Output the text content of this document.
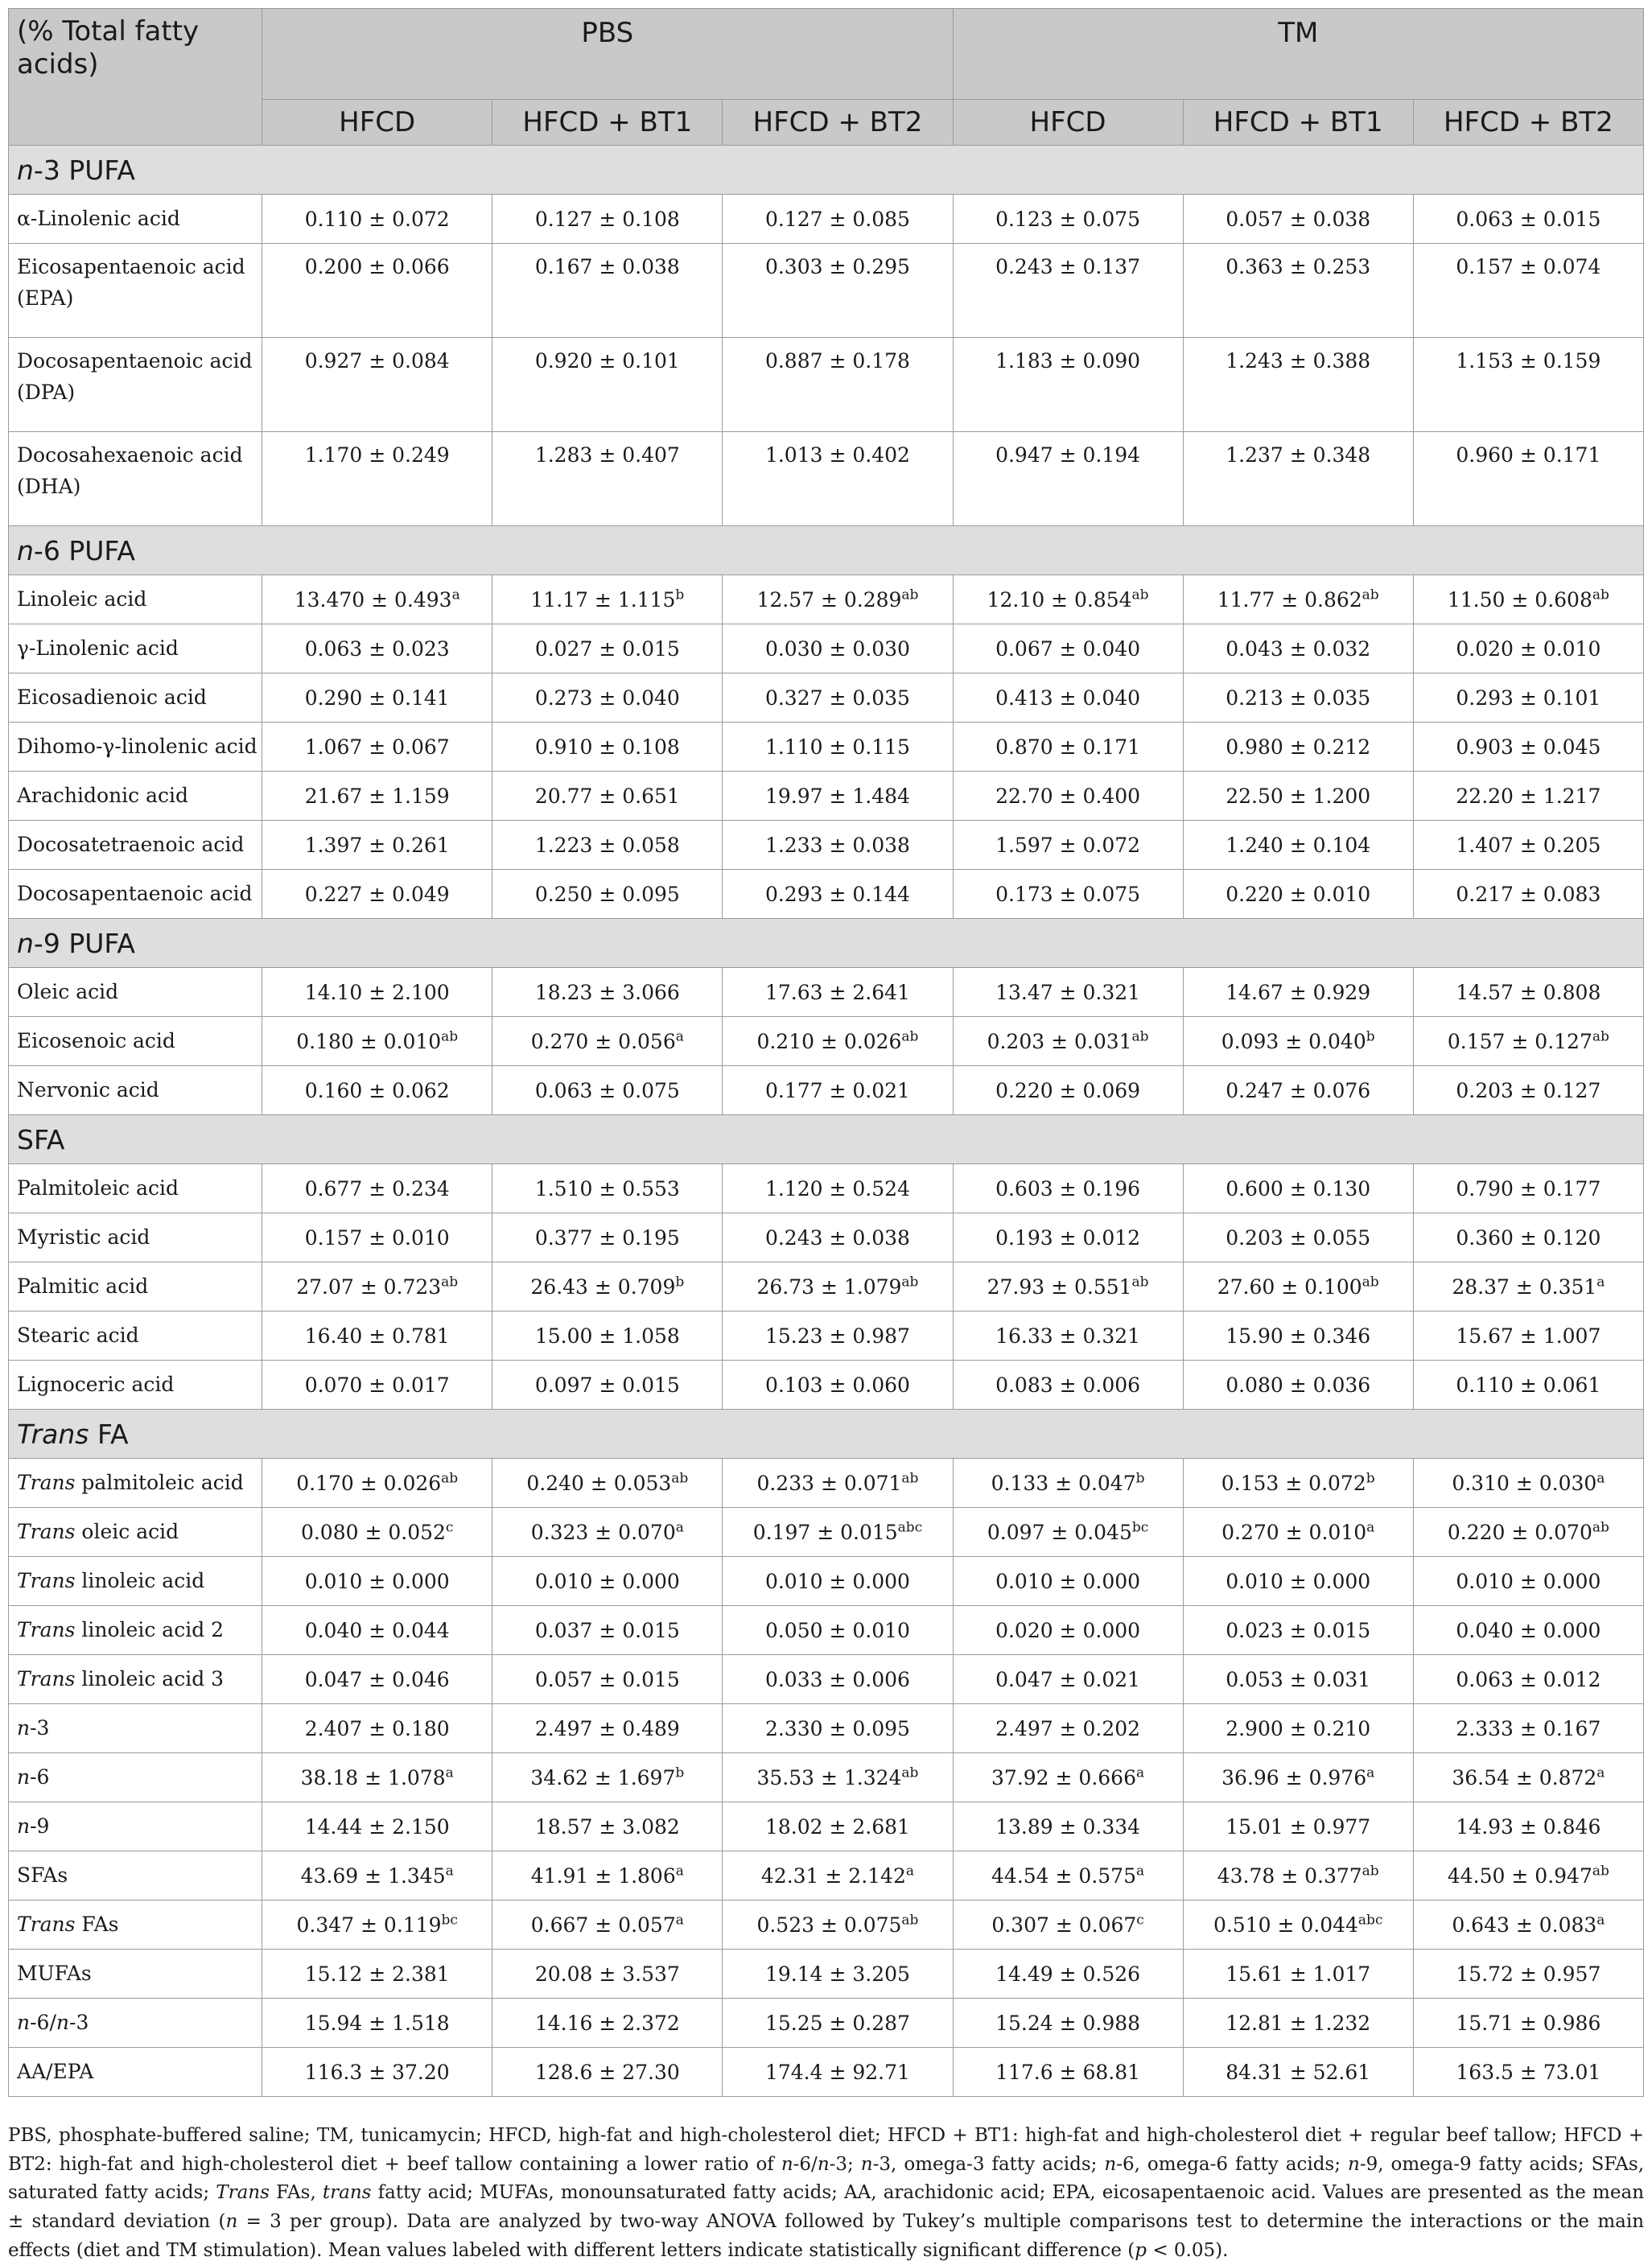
(% Total fatty acids)	PBS			TM		
	HFCD	HFCD + BT1	HFCD + BT2	HFCD	HFCD + BT1	HFCD + BT2
n-3 PUFA						
α-Linolenic acid	0.110 ± 0.072	0.127 ± 0.108	0.127 ± 0.085	0.123 ± 0.075	0.057 ± 0.038	0.063 ± 0.015
Eicosapentaenoic acid (EPA)	0.200 ± 0.066	0.167 ± 0.038	0.303 ± 0.295	0.243 ± 0.137	0.363 ± 0.253	0.157 ± 0.074
Docosapentaenoic acid (DPA)	0.927 ± 0.084	0.920 ± 0.101	0.887 ± 0.178	1.183 ± 0.090	1.243 ± 0.388	1.153 ± 0.159
Docosahexaenoic acid (DHA)	1.170 ± 0.249	1.283 ± 0.407	1.013 ± 0.402	0.947 ± 0.194	1.237 ± 0.348	0.960 ± 0.171
n-6 PUFA						
Linoleic acid	13.470 ± 0.493$^a$	11.17 ± 1.115$^b$	12.57 ± 0.289$^{ab}$	12.10 ± 0.854$^{ab}$	11.77 ± 0.862$^{ab}$	11.50 ± 0.608$^{ab}$
γ-Linolenic acid	0.063 ± 0.023	0.027 ± 0.015	0.030 ± 0.030	0.067 ± 0.040	0.043 ± 0.032	0.020 ± 0.010
Eicosadienoic acid	0.290 ± 0.141	0.273 ± 0.040	0.327 ± 0.035	0.413 ± 0.040	0.213 ± 0.035	0.293 ± 0.101
Dihomo-γ-linolenic acid	1.067 ± 0.067	0.910 ± 0.108	1.110 ± 0.115	0.870 ± 0.171	0.980 ± 0.212	0.903 ± 0.045
Arachidonic acid	21.67 ± 1.159	20.77 ± 0.651	19.97 ± 1.484	22.70 ± 0.400	22.50 ± 1.200	22.20 ± 1.217
Docosatetraenoic acid	1.397 ± 0.261	1.223 ± 0.058	1.233 ± 0.038	1.597 ± 0.072	1.240 ± 0.104	1.407 ± 0.205
Docosapentaenoic acid	0.227 ± 0.049	0.250 ± 0.095	0.293 ± 0.144	0.173 ± 0.075	0.220 ± 0.010	0.217 ± 0.083
n-9 PUFA						
Oleic acid	14.10 ± 2.100	18.23 ± 3.066	17.63 ± 2.641	13.47 ± 0.321	14.67 ± 0.929	14.57 ± 0.808
Eicosenoic acid	0.180 ± 0.010$^{ab}$	0.270 ± 0.056$^a$	0.210 ± 0.026$^{ab}$	0.203 ± 0.031$^{ab}$	0.093 ± 0.040$^b$	0.157 ± 0.127$^{ab}$
Nervonic acid	0.160 ± 0.062	0.063 ± 0.075	0.177 ± 0.021	0.220 ± 0.069	0.247 ± 0.076	0.203 ± 0.127
SFA						
Palmitoleic acid	0.677 ± 0.234	1.510 ± 0.553	1.120 ± 0.524	0.603 ± 0.196	0.600 ± 0.130	0.790 ± 0.177
Myristic acid	0.157 ± 0.010	0.377 ± 0.195	0.243 ± 0.038	0.193 ± 0.012	0.203 ± 0.055	0.360 ± 0.120
Palmitic acid	27.07 ± 0.723$^{ab}$	26.43 ± 0.709$^b$	26.73 ± 1.079$^{ab}$	27.93 ± 0.551$^{ab}$	27.60 ± 0.100$^{ab}$	28.37 ± 0.351$^a$
Stearic acid	16.40 ± 0.781	15.00 ± 1.058	15.23 ± 0.987	16.33 ± 0.321	15.90 ± 0.346	15.67 ± 1.007
Lignoceric acid	0.070 ± 0.017	0.097 ± 0.015	0.103 ± 0.060	0.083 ± 0.006	0.080 ± 0.036	0.110 ± 0.061
Trans FA						
Trans palmitoleic acid	0.170 ± 0.026$^{ab}$	0.240 ± 0.053$^{ab}$	0.233 ± 0.071$^{ab}$	0.133 ± 0.047$^b$	0.153 ± 0.072$^b$	0.310 ± 0.030$^a$
Trans oleic acid	0.080 ± 0.052$^c$	0.323 ± 0.070$^a$	0.197 ± 0.015$^{abc}$	0.097 ± 0.045$^{bc}$	0.270 ± 0.010$^a$	0.220 ± 0.070$^{ab}$
Trans linoleic acid	0.010 ± 0.000	0.010 ± 0.000	0.010 ± 0.000	0.010 ± 0.000	0.010 ± 0.000	0.010 ± 0.000
Trans linoleic acid 2	0.040 ± 0.044	0.037 ± 0.015	0.050 ± 0.010	0.020 ± 0.000	0.023 ± 0.015	0.040 ± 0.000
Trans linoleic acid 3	0.047 ± 0.046	0.057 ± 0.015	0.033 ± 0.006	0.047 ± 0.021	0.053 ± 0.031	0.063 ± 0.012
n-3	2.407 ± 0.180	2.497 ± 0.489	2.330 ± 0.095	2.497 ± 0.202	2.900 ± 0.210	2.333 ± 0.167
n-6	38.18 ± 1.078$^a$	34.62 ± 1.697$^b$	35.53 ± 1.324$^{ab}$	37.92 ± 0.666$^a$	36.96 ± 0.976$^a$	36.54 ± 0.872$^a$
n-9	14.44 ± 2.150	18.57 ± 3.082	18.02 ± 2.681	13.89 ± 0.334	15.01 ± 0.977	14.93 ± 0.846
SFAs	43.69 ± 1.345$^a$	41.91 ± 1.806$^a$	42.31 ± 2.142$^a$	44.54 ± 0.575$^a$	43.78 ± 0.377$^{ab}$	44.50 ± 0.947$^{ab}$
Trans FAs	0.347 ± 0.119$^{bc}$	0.667 ± 0.057$^a$	0.523 ± 0.075$^{ab}$	0.307 ± 0.067$^c$	0.510 ± 0.044$^{abc}$	0.643 ± 0.083$^a$
MUFAs	15.12 ± 2.381	20.08 ± 3.537	19.14 ± 3.205	14.49 ± 0.526	15.61 ± 1.017	15.72 ± 0.957
n-6/n-3	15.94 ± 1.518	14.16 ± 2.372	15.25 ± 0.287	15.24 ± 0.988	12.81 ± 1.232	15.71 ± 0.986
AA/EPA	116.3 ± 37.20	128.6 ± 27.30	174.4 ± 92.71	117.6 ± 68.81	84.31 ± 52.61	163.5 ± 73.01
PBS, phosphate-buffered saline; TM, tunicamycin; HFCD, high-fat and high-cholesterol diet; HFCD + BT1: high-fat and high-cholesterol diet + regular beef tallow; HFCD + BT2: high-fat and high-cholesterol diet + beef tallow containing a lower ratio of n-6/n-3; n-3, omega-3 fatty acids; n-6, omega-6 fatty acids; n-9, omega-9 fatty acids; SFAs, saturated fatty acids; Trans FAs, trans fatty acid; MUFAs, monounsaturated fatty acids; AA, arachidonic acid; EPA, eicosapentaenoic acid. Values are presented as the mean ± standard deviation (n = 3 per group). Data are analyzed by two-way ANOVA followed by Tukey’s multiple comparisons test to determine the interactions or the main effects (diet and TM stimulation). Mean values labeled with different letters indicate statistically significant difference (p < 0.05).
